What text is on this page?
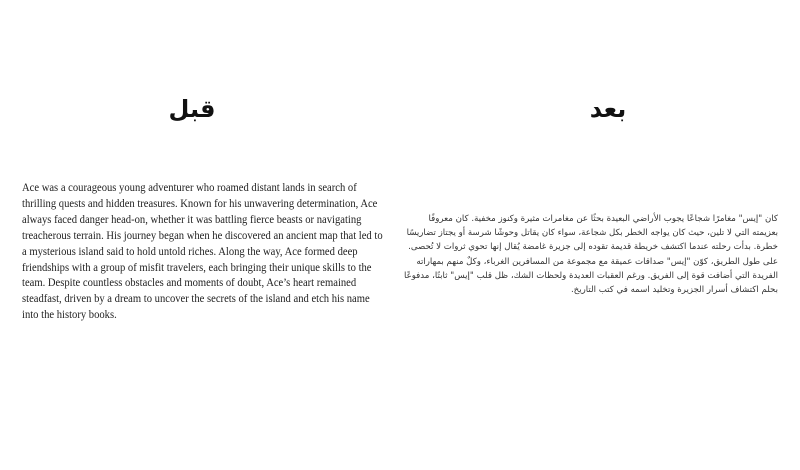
قبل

Ace was a courageous young adventurer who roamed distant lands in search of thrilling quests and hidden treasures. Known for his unwavering determination, Ace always faced danger head-on, whether it was battling fierce beasts or navigating treacherous terrain. His journey began when he discovered an ancient map that led to a mysterious island said to hold untold riches. Along the way, Ace formed deep friendships with a group of misfit travelers, each bringing their unique skills to the team. Despite countless obstacles and moments of doubt, Ace’s heart remained steadfast, driven by a dream to uncover the secrets of the island and etch his name into the history books.

بعد

كان "إيس" مغامرًا شجاعًا يجوب الأراضي البعيدة بحثًا عن مغامرات مثيرة وكنوز مخفية. كان معروفًا بعزيمته التي لا تلين، حيث كان يواجه الخطر بكل شجاعة، سواء كان يقاتل وحوشًا شرسة أو يجتاز تضاريسًا خطرة. بدأت رحلته عندما اكتشف خريطة قديمة تقوده إلى جزيرة غامضة يُقال إنها تحوي ثروات لا تُحصى. على طول الطريق، كوّن "إيس" صداقات عميقة مع مجموعة من المسافرين الغرباء، وكلٌ منهم بمهاراته الفريدة التي أضافت قوة إلى الفريق. ورغم العقبات العديدة ولحظات الشك، ظل قلب "إيس" ثابتًا، مدفوعًا بحلم اكتشاف أسرار الجزيرة وتخليد اسمه في كتب التاريخ.
